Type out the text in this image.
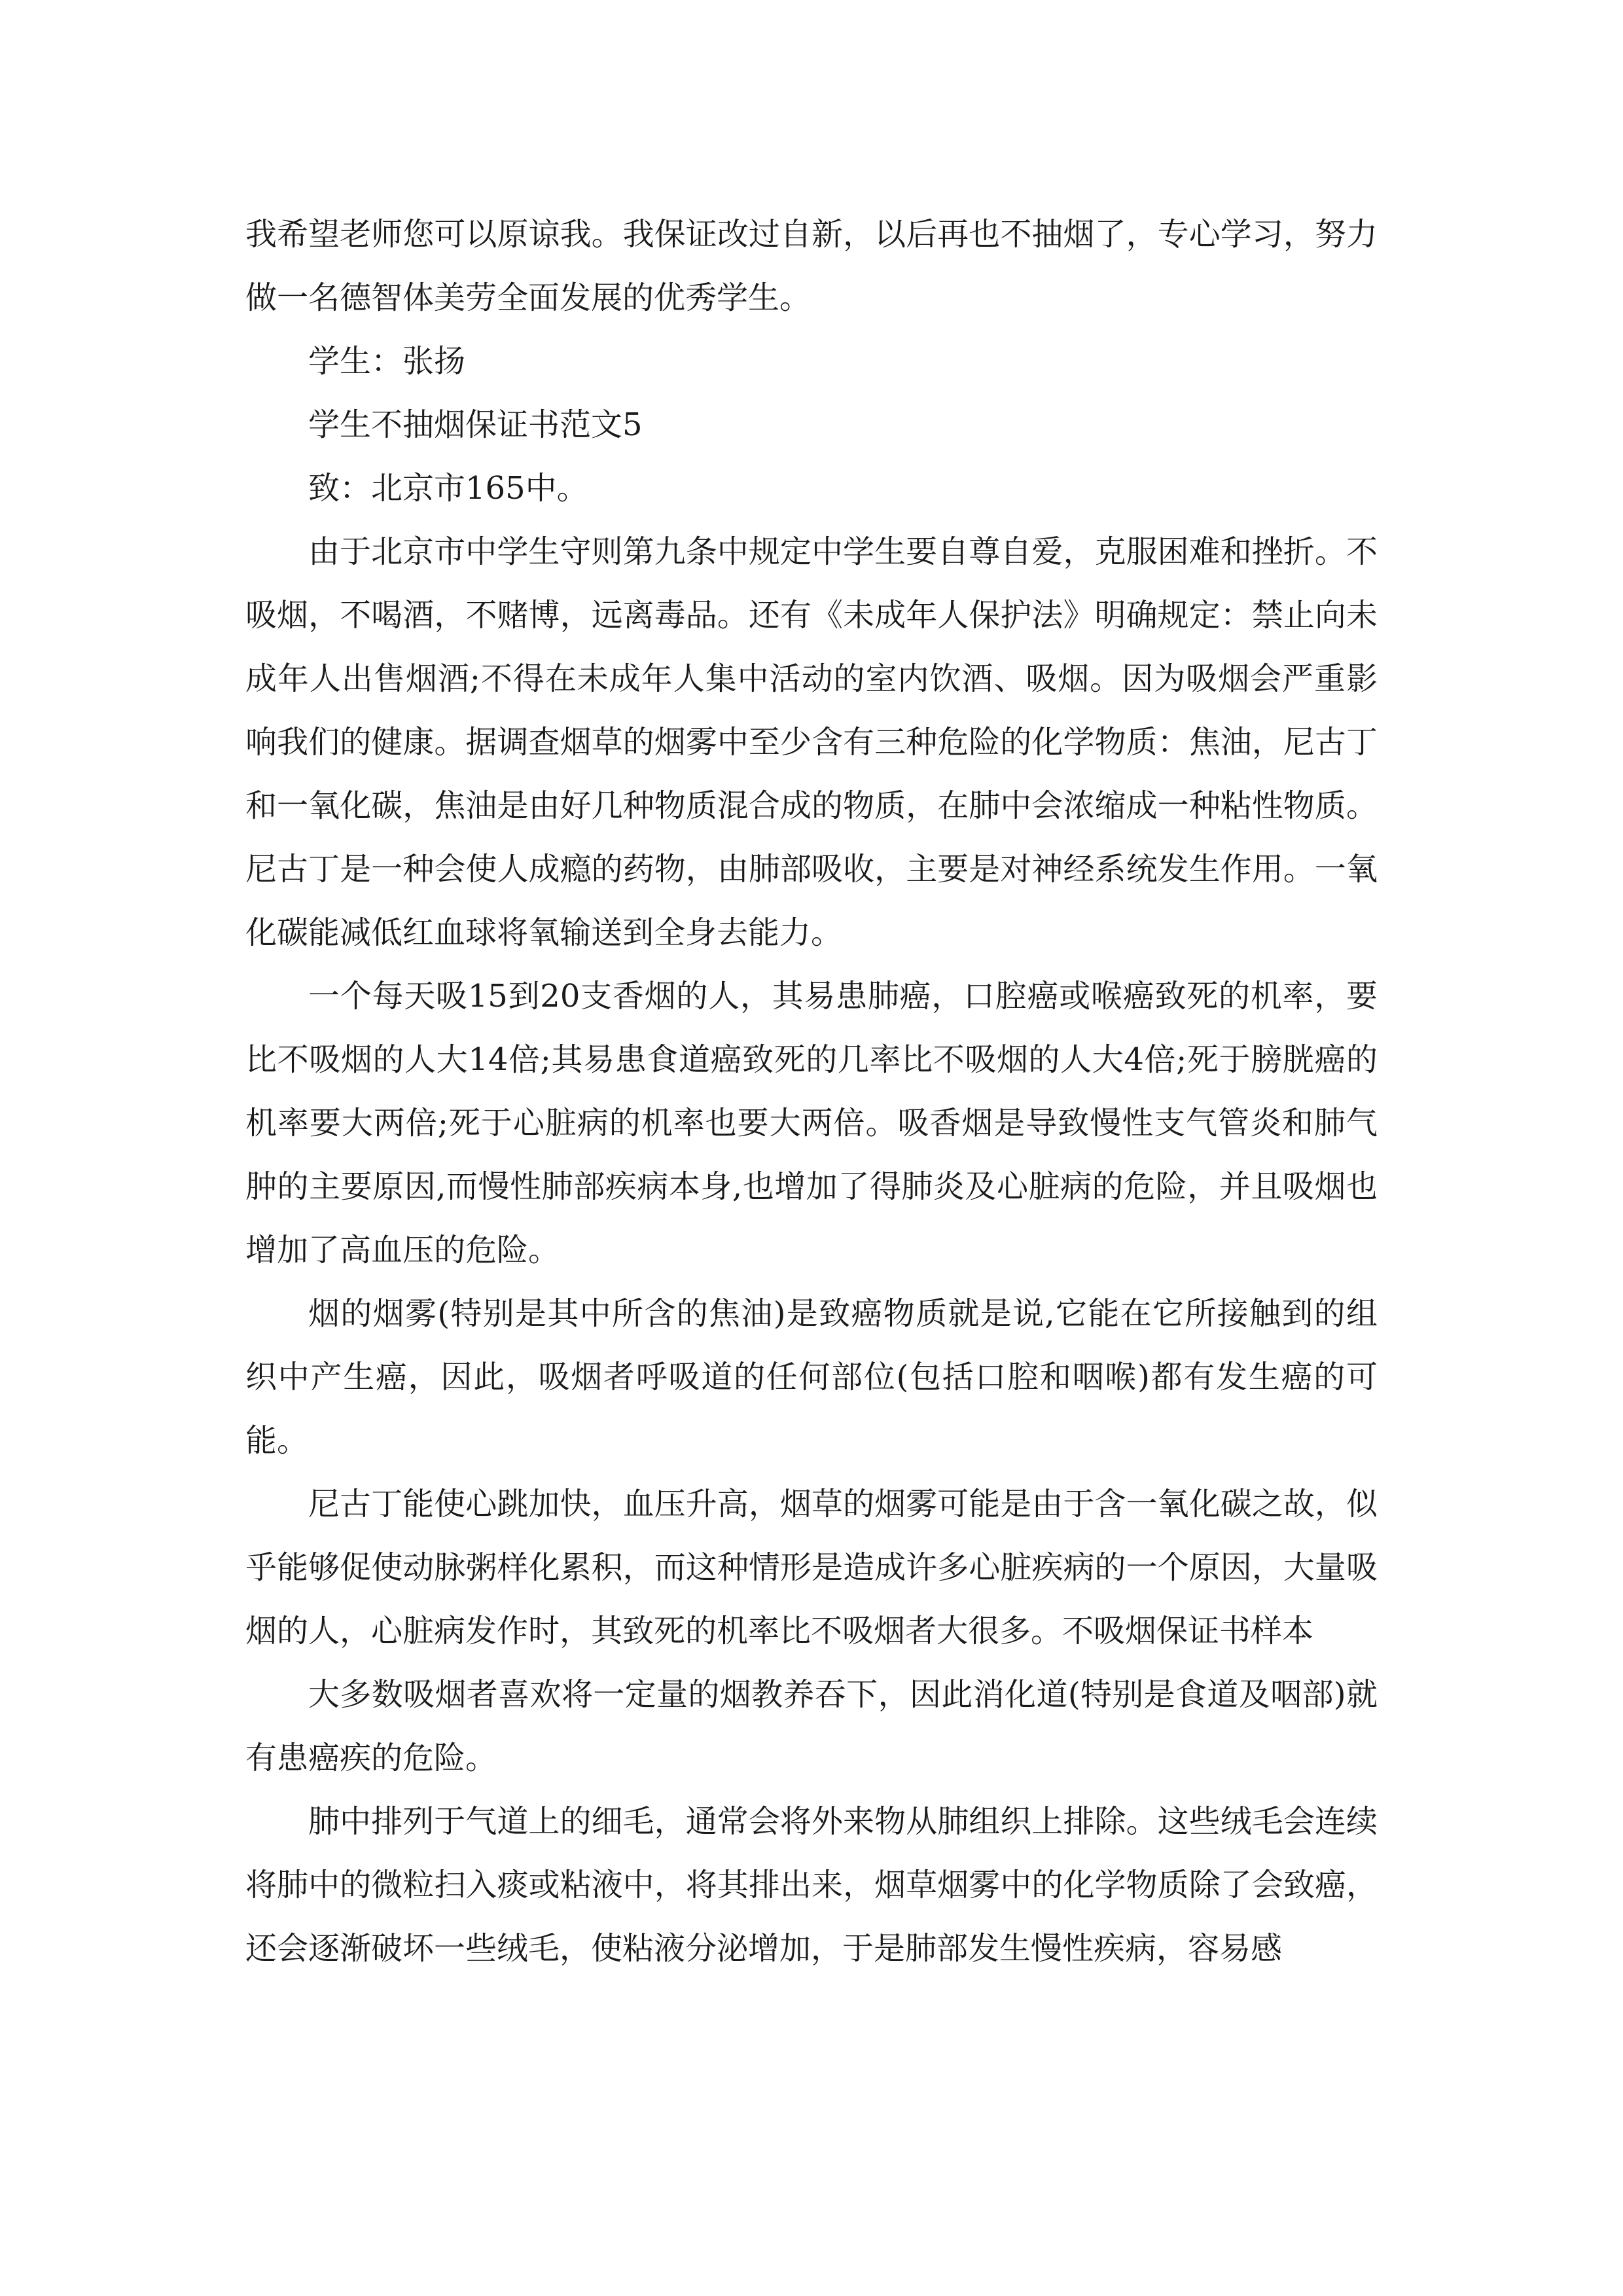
我希望老师您可以原谅我。我保证改过自新，以后再也不抽烟了，专心学习，努力做一名德智体美劳全面发展的优秀学生。

学生：张扬

学生不抽烟保证书范文5

致：北京市165中。

由于北京市中学生守则第九条中规定中学生要自尊自爱，克服困难和挫折。不吸烟，不喝酒，不赌博，远离毒品。还有《未成年人保护法》明确规定：禁止向未成年人出售烟酒;不得在未成年人集中活动的室内饮酒、吸烟。因为吸烟会严重影响我们的健康。据调查烟草的烟雾中至少含有三种危险的化学物质：焦油，尼古丁和一氧化碳，焦油是由好几种物质混合成的物质，在肺中会浓缩成一种粘性物质。尼古丁是一种会使人成瘾的药物，由肺部吸收，主要是对神经系统发生作用。一氧化碳能减低红血球将氧输送到全身去能力。

一个每天吸15到20支香烟的人，其易患肺癌，口腔癌或喉癌致死的机率，要比不吸烟的人大14倍;其易患食道癌致死的几率比不吸烟的人大4倍;死于膀胱癌的机率要大两倍;死于心脏病的机率也要大两倍。吸香烟是导致慢性支气管炎和肺气肿的主要原因,而慢性肺部疾病本身,也增加了得肺炎及心脏病的危险，并且吸烟也增加了高血压的危险。

烟的烟雾(特别是其中所含的焦油)是致癌物质就是说,它能在它所接触到的组织中产生癌，因此，吸烟者呼吸道的任何部位(包括口腔和咽喉)都有发生癌的可能。

尼古丁能使心跳加快，血压升高，烟草的烟雾可能是由于含一氧化碳之故，似乎能够促使动脉粥样化累积，而这种情形是造成许多心脏疾病的一个原因，大量吸烟的人，心脏病发作时，其致死的机率比不吸烟者大很多。不吸烟保证书样本

大多数吸烟者喜欢将一定量的烟教养吞下，因此消化道(特别是食道及咽部)就有患癌疾的危险。

肺中排列于气道上的细毛，通常会将外来物从肺组织上排除。这些绒毛会连续将肺中的微粒扫入痰或粘液中，将其排出来，烟草烟雾中的化学物质除了会致癌，还会逐渐破坏一些绒毛，使粘液分泌增加，于是肺部发生慢性疾病，容易感
